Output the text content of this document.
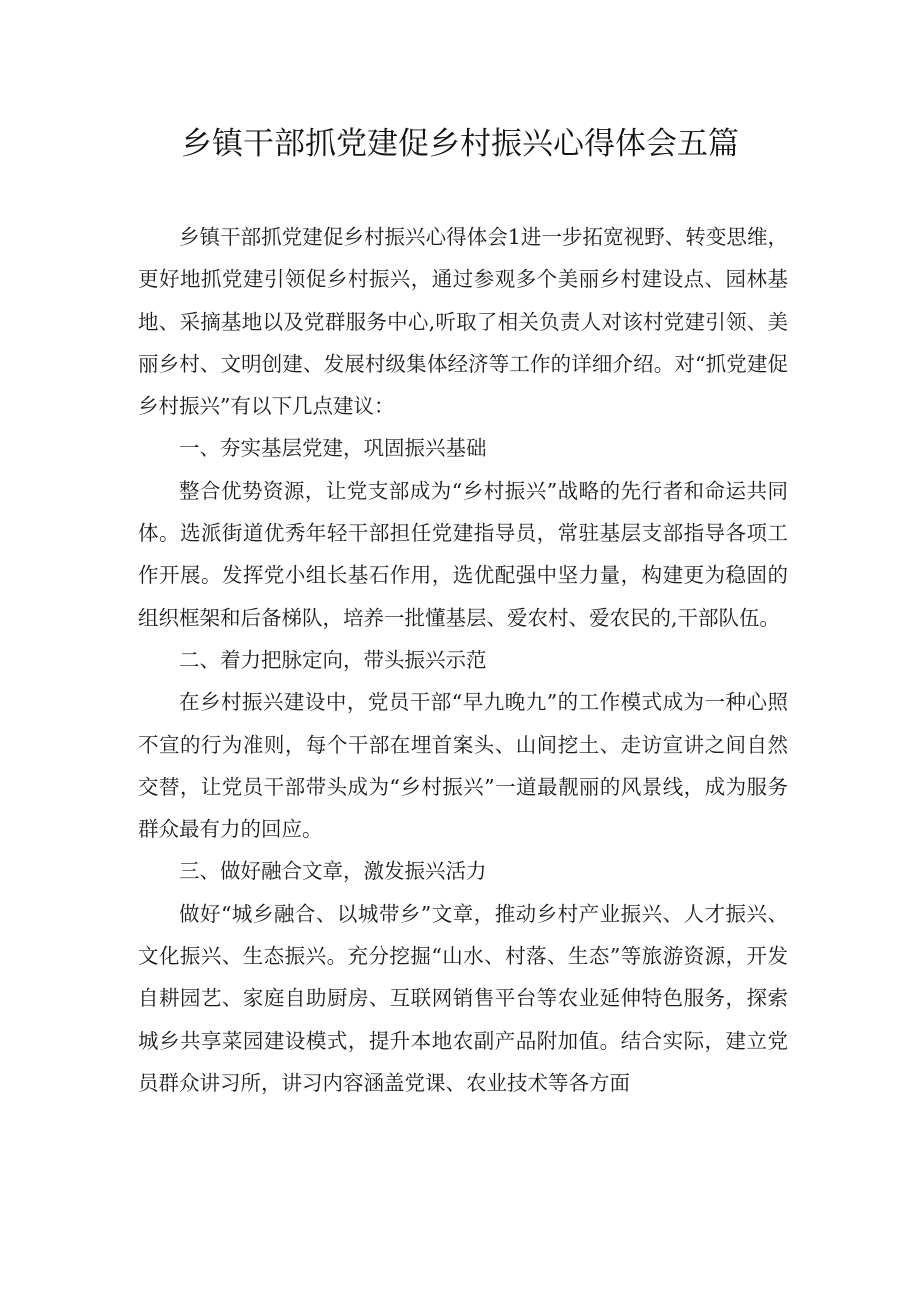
乡镇干部抓党建促乡村振兴心得体会五篇

乡镇干部抓党建促乡村振兴心得体会1进一步拓宽视野、转变思维，更好地抓党建引领促乡村振兴，通过参观多个美丽乡村建设点、园林基地、采摘基地以及党群服务中心,听取了相关负责人对该村党建引领、美丽乡村、文明创建、发展村级集体经济等工作的详细介绍。对“抓党建促乡村振兴”有以下几点建议：

一、夯实基层党建，巩固振兴基础

整合优势资源，让党支部成为“乡村振兴”战略的先行者和命运共同体。选派街道优秀年轻干部担任党建指导员，常驻基层支部指导各项工作开展。发挥党小组长基石作用，选优配强中坚力量，构建更为稳固的组织框架和后备梯队，培养一批懂基层、爱农村、爱农民的,干部队伍。

二、着力把脉定向，带头振兴示范

在乡村振兴建设中，党员干部“早九晚九”的工作模式成为一种心照不宣的行为准则，每个干部在埋首案头、山间挖土、走访宣讲之间自然交替，让党员干部带头成为“乡村振兴”一道最靓丽的风景线，成为服务群众最有力的回应。

三、做好融合文章，激发振兴活力

做好“城乡融合、以城带乡”文章，推动乡村产业振兴、人才振兴、文化振兴、生态振兴。充分挖掘“山水、村落、生态”等旅游资源，开发自耕园艺、家庭自助厨房、互联网销售平台等农业延伸特色服务，探索城乡共享菜园建设模式，提升本地农副产品附加值。结合实际，建立党员群众讲习所，讲习内容涵盖党课、农业技术等各方面
